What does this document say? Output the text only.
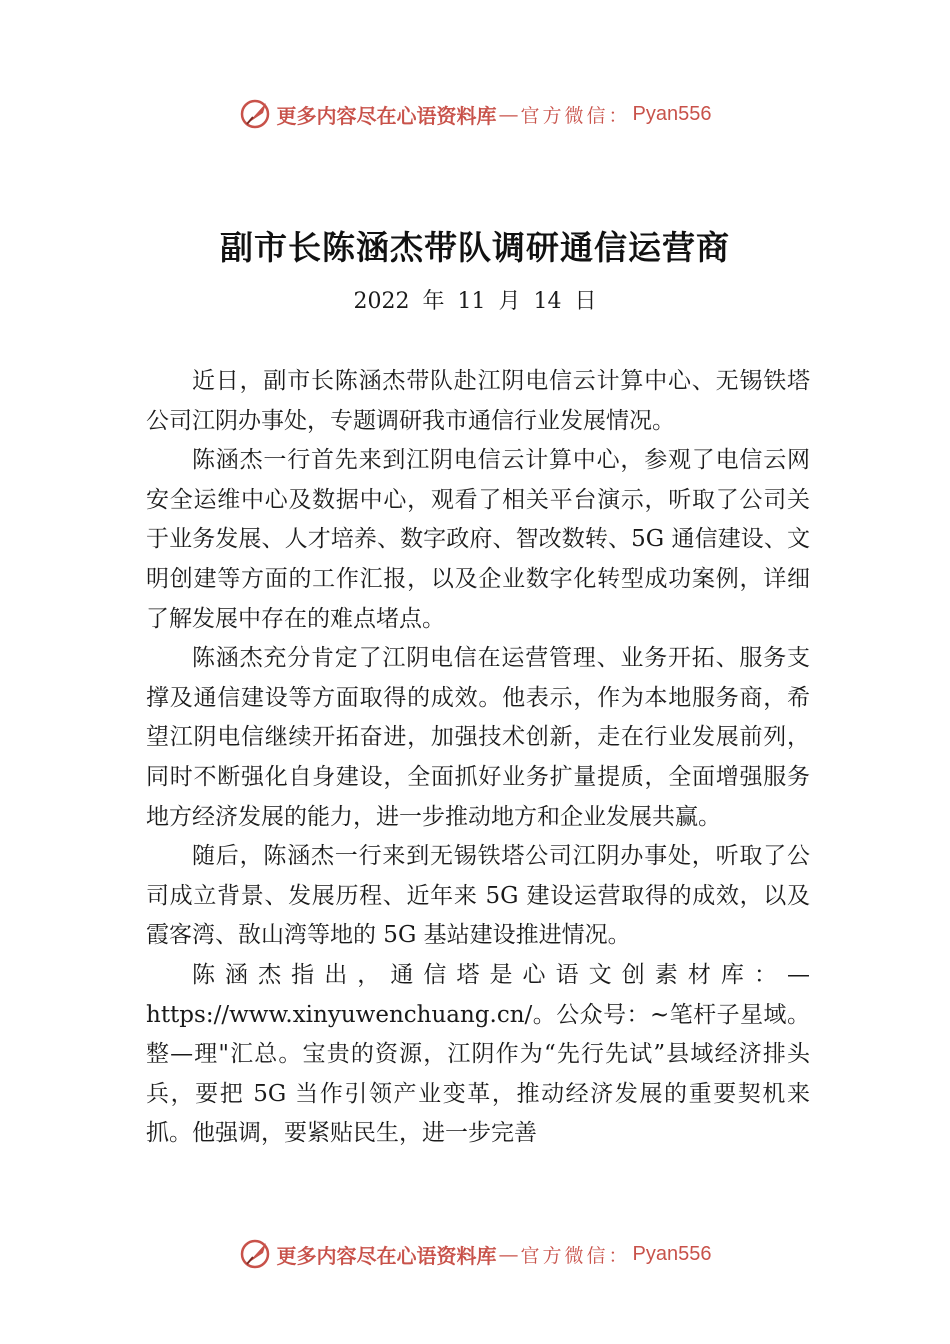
更多内容尽在心语资料库 — 官方微信： Pyan556
副市长陈涵杰带队调研通信运营商
2022 年 11 月 14 日

近日，副市长陈涵杰带队赴江阴电信云计算中心、无锡铁塔公司江阴办事处，专题调研我市通信行业发展情况。

陈涵杰一行首先来到江阴电信云计算中心，参观了电信云网安全运维中心及数据中心，观看了相关平台演示，听取了公司关于业务发展、人才培养、数字政府、智改数转、5G 通信建设、文明创建等方面的工作汇报，以及企业数字化转型成功案例，详细了解发展中存在的难点堵点。

陈涵杰充分肯定了江阴电信在运营管理、业务开拓、服务支撑及通信建设等方面取得的成效。他表示，作为本地服务商，希望江阴电信继续开拓奋进，加强技术创新，走在行业发展前列，同时不断强化自身建设，全面抓好业务扩量提质，全面增强服务地方经济发展的能力，进一步推动地方和企业发展共赢。

随后，陈涵杰一行来到无锡铁塔公司江阴办事处，听取了公司成立背景、发展历程、近年来 5G 建设运营取得的成效，以及霞客湾、敔山湾等地的 5G 基站建设推进情况。

陈涵杰指出，通信塔是心语文创素材库：—https://www.xinyuwenchuang.cn/。公众号：~笔杆子星域。整—理"汇总。宝贵的资源，江阴作为“先行先试”县域经济排头兵，要把 5G 当作引领产业变革，推动经济发展的重要契机来抓。他强调，要紧贴民生，进一步完善

更多内容尽在心语资料库 — 官方微信： Pyan556
